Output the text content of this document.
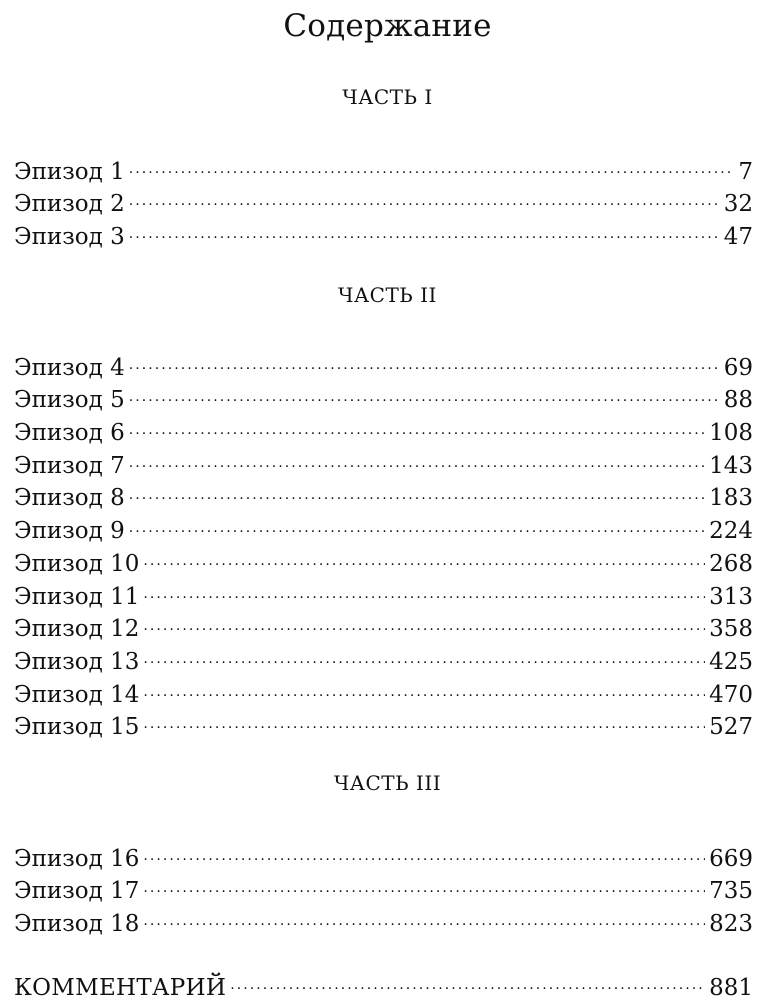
Содержание
ЧАСТЬ I
Эпизод 1 . . .	7
Эпизод 2 . . .	32
Эпизод 3 . . .	47
ЧАСТЬ II
Эпизод 4 . . .	69
Эпизод 5 . . .	88
Эпизод 6 . . .	108
Эпизод 7 . . .	143
Эпизод 8 . . .	183
Эпизод 9 . . .	224
Эпизод 10 . . .	268
Эпизод 11 . . .	313
Эпизод 12 . . .	358
Эпизод 13 . . .	425
Эпизод 14 . . .	470
Эпизод 15 . . .	527
ЧАСТЬ III
Эпизод 16 . . .	669
Эпизод 17 . . .	735
Эпизод 18 . . .	823
КОММЕНТАРИЙ . . .	881
